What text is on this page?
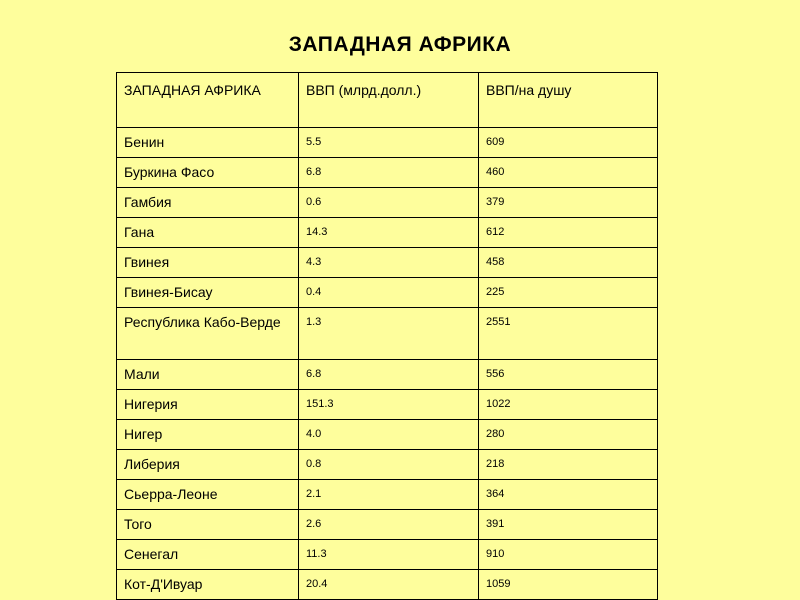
ЗАПАДНАЯ АФРИКА
ЗАПАДНАЯ АФРИКА	ВВП (млрд.долл.)	ВВП/на душу
Бенин	5.5	609
Буркина Фасо	6.8	460
Гамбия	0.6	379
Гана	14.3	612
Гвинея	4.3	458
Гвинея-Бисау	0.4	225
Республика Кабо-Верде	1.3	2551
Мали	6.8	556
Нигерия	151.3	1022
Нигер	4.0	280
Либерия	0.8	218
Сьерра-Леоне	2.1	364
Того	2.6	391
Сенегал	11.3	910
Кот-Д'Ивуар	20.4	1059
